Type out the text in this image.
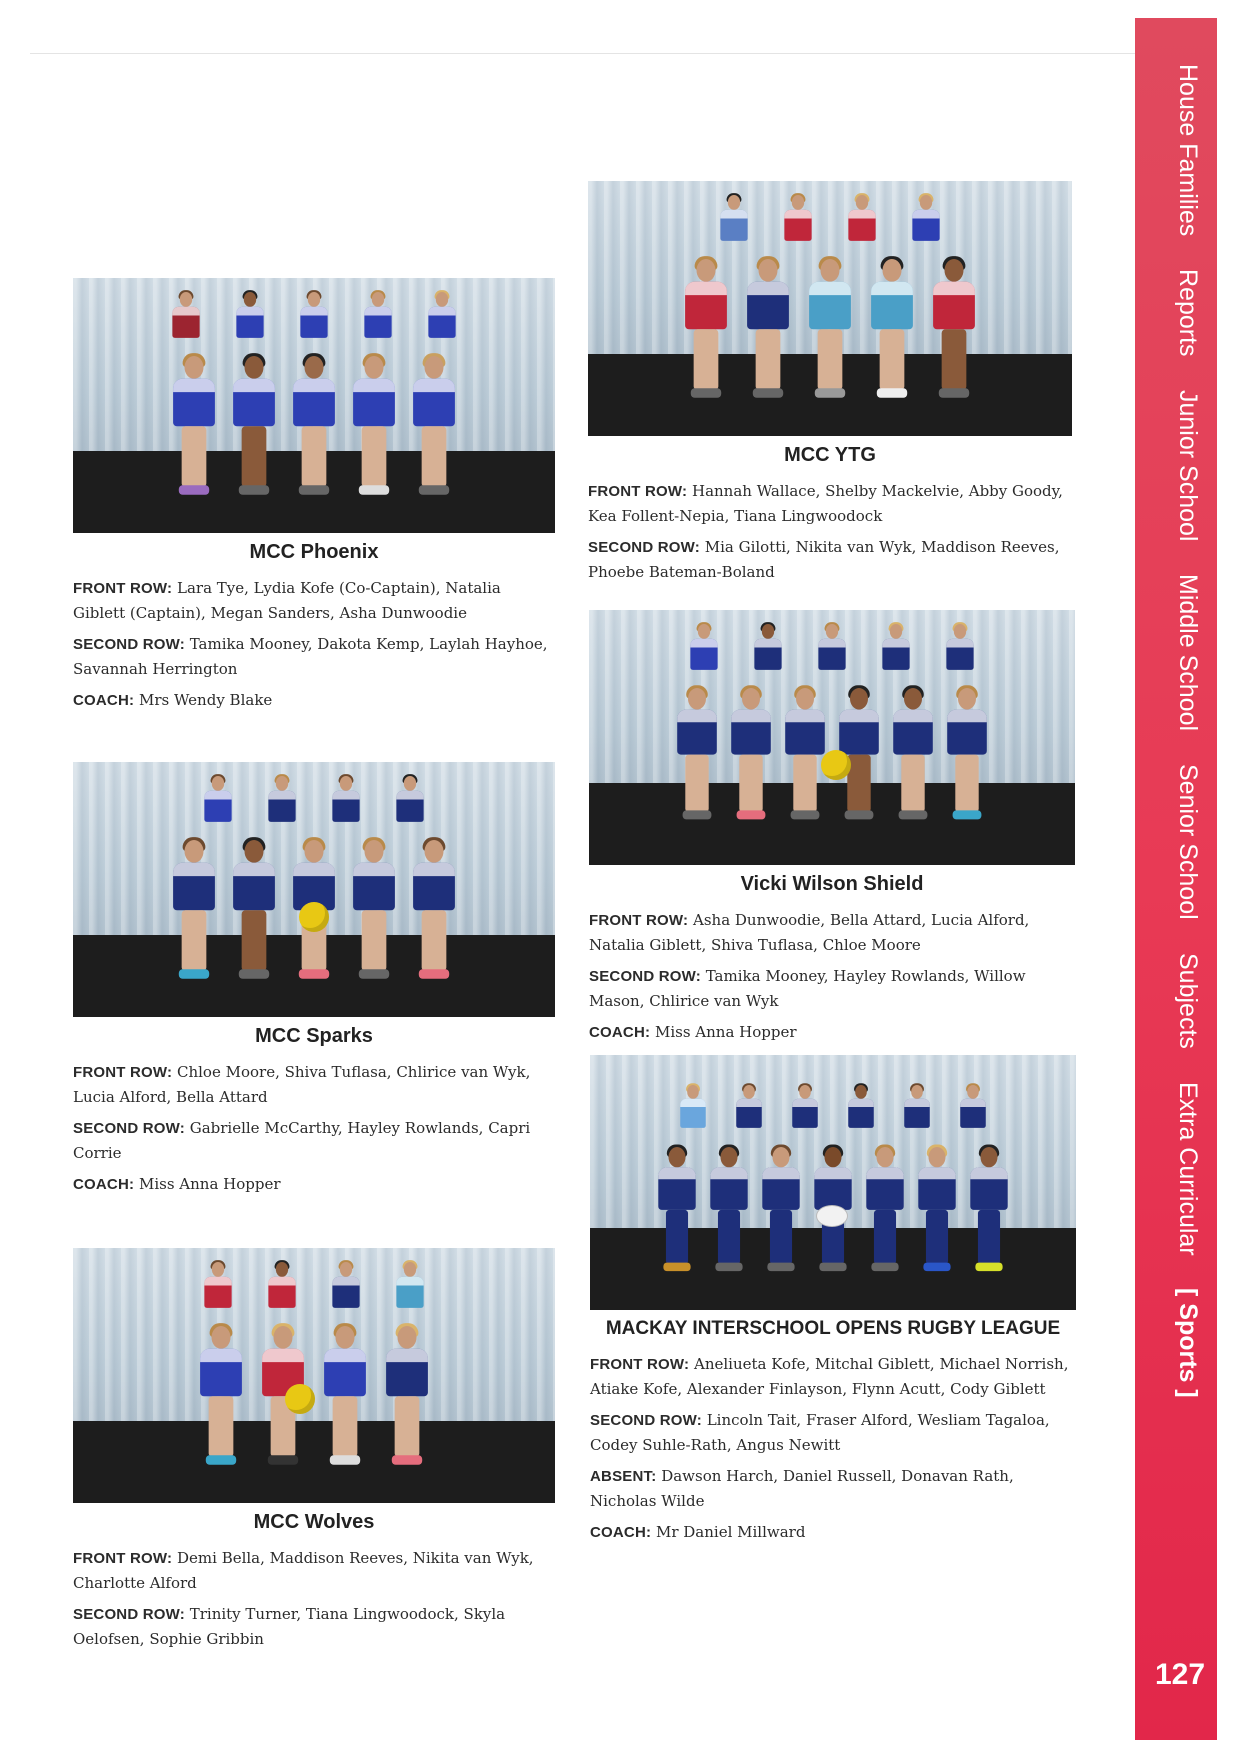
MCC Phoenix

FRONT ROW: Lara Tye, Lydia Kofe (Co-Captain), Natalia Giblett (Captain), Megan Sanders, Asha Dunwoodie

SECOND ROW: Tamika Mooney, Dakota Kemp, Laylah Hayhoe, Savannah Herrington

COACH: Mrs Wendy Blake

MCC Sparks

FRONT ROW: Chloe Moore, Shiva Tuflasa, Chlirice van Wyk, Lucia Alford, Bella Attard

SECOND ROW: Gabrielle McCarthy, Hayley Rowlands, Capri Corrie

COACH: Miss Anna Hopper

MCC Wolves

FRONT ROW: Demi Bella, Maddison Reeves, Nikita van Wyk, Charlotte Alford

SECOND ROW: Trinity Turner, Tiana Lingwoodock, Skyla Oelofsen, Sophie Gribbin

MCC YTG

FRONT ROW: Hannah Wallace, Shelby Mackelvie, Abby Goody, Kea Follent-Nepia, Tiana Lingwoodock

SECOND ROW: Mia Gilotti, Nikita van Wyk, Maddison Reeves, Phoebe Bateman-Boland

Vicki Wilson Shield

FRONT ROW: Asha Dunwoodie, Bella Attard, Lucia Alford, Natalia Giblett, Shiva Tuflasa, Chloe Moore

SECOND ROW: Tamika Mooney, Hayley Rowlands, Willow Mason, Chlirice van Wyk

COACH: Miss Anna Hopper

MACKAY INTERSCHOOL OPENS RUGBY LEAGUE

FRONT ROW: Aneliueta Kofe, Mitchal Giblett, Michael Norrish, Atiake Kofe, Alexander Finlayson, Flynn Acutt, Cody Giblett

SECOND ROW: Lincoln Tait, Fraser Alford, Wesliam Tagaloa, Codey Suhle-Rath, Angus Newitt

ABSENT: Dawson Harch, Daniel Russell, Donavan Rath, Nicholas Wilde

COACH: Mr Daniel Millward

House Families Reports Junior School Middle School Senior School Subjects Extra Curricular [ Sports ]
127
